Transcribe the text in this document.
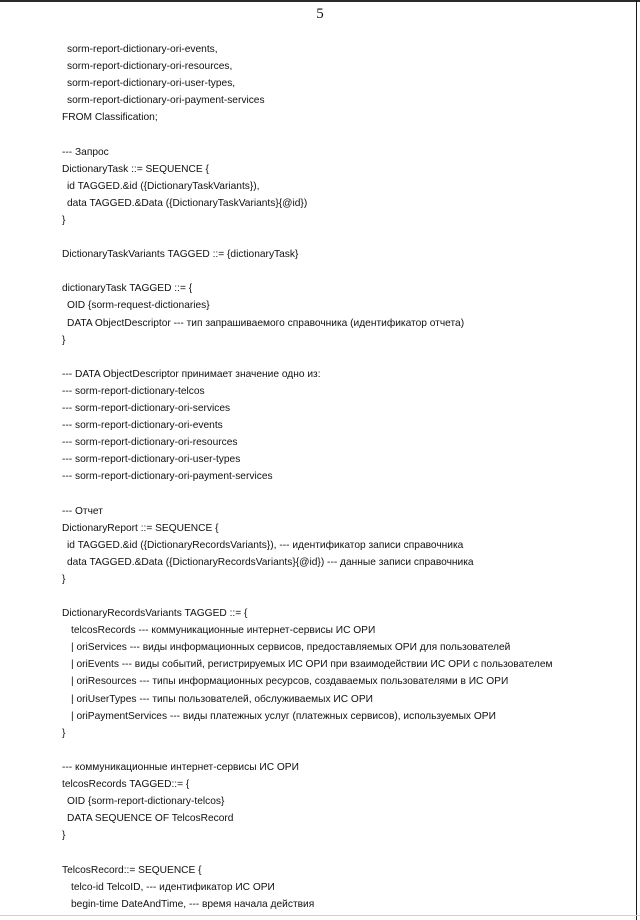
5
sorm-report-dictionary-ori-events,
sorm-report-dictionary-ori-resources,
sorm-report-dictionary-ori-user-types,
sorm-report-dictionary-ori-payment-services
FROM Classification;
--- Запрос
DictionaryTask ::= SEQUENCE {
id TAGGED.&id ({DictionaryTaskVariants}),
data TAGGED.&Data ({DictionaryTaskVariants}{@id})
}
DictionaryTaskVariants TAGGED ::= {dictionaryTask}
dictionaryTask TAGGED ::= {
OID {sorm-request-dictionaries}
DATA ObjectDescriptor --- тип запрашиваемого справочника (идентификатор отчета)
}
--- DATA ObjectDescriptor принимает значение одно из:
--- sorm-report-dictionary-telcos
--- sorm-report-dictionary-ori-services
--- sorm-report-dictionary-ori-events
--- sorm-report-dictionary-ori-resources
--- sorm-report-dictionary-ori-user-types
--- sorm-report-dictionary-ori-payment-services
--- Отчет
DictionaryReport ::= SEQUENCE {
id TAGGED.&id ({DictionaryRecordsVariants}), --- идентификатор записи справочника
data TAGGED.&Data ({DictionaryRecordsVariants}{@id}) --- данные записи справочника
}
DictionaryRecordsVariants TAGGED ::= {
telcosRecords --- коммуникационные интернет-сервисы ИС ОРИ
| oriServices --- виды информационных сервисов, предоставляемых ОРИ для пользователей
| oriEvents --- виды событий, регистрируемых ИС ОРИ при взаимодействии ИС ОРИ с пользователем
| oriResources --- типы информационных ресурсов, создаваемых пользователями в ИС ОРИ
| oriUserTypes --- типы пользователей, обслуживаемых ИС ОРИ
| oriPaymentServices --- виды платежных услуг (платежных сервисов), используемых ОРИ
}
--- коммуникационные интернет-сервисы ИС ОРИ
telcosRecords TAGGED::= {
OID {sorm-report-dictionary-telcos}
DATA SEQUENCE OF TelcosRecord
}
TelcosRecord::= SEQUENCE {
telco-id TelcoID, --- идентификатор ИС ОРИ
begin-time DateAndTime, --- время начала действия
